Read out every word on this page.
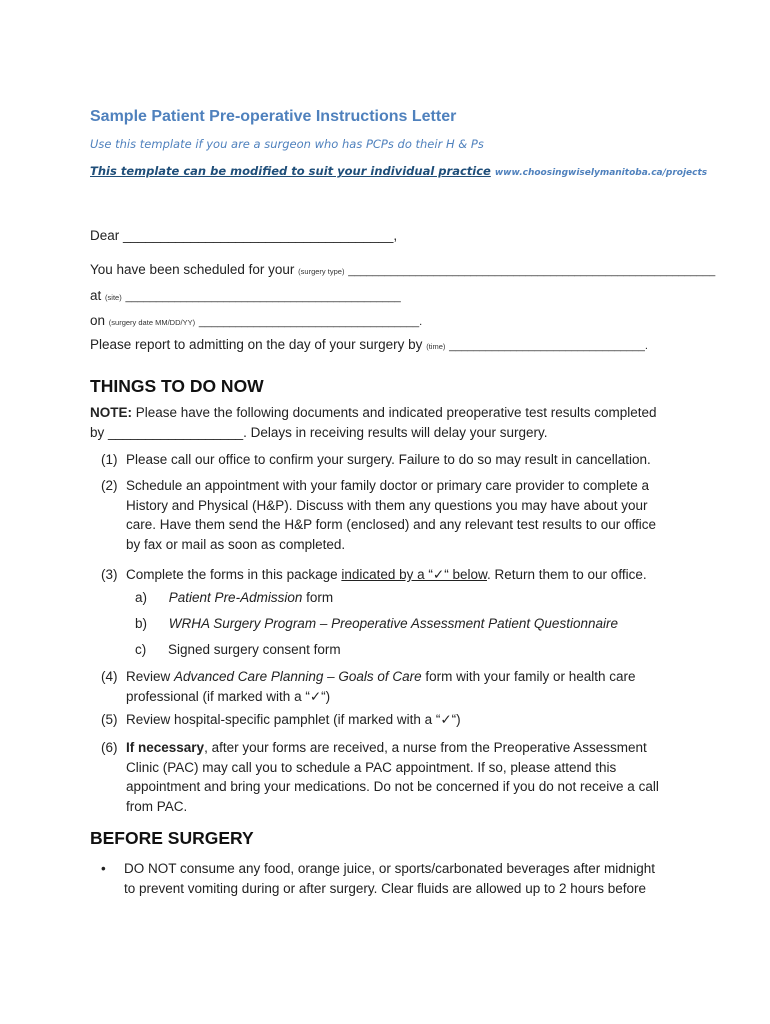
Sample Patient Pre-operative Instructions Letter
Use this template if you are a surgeon who has PCPs do their H & Ps
This template can be modified to suit your individual practice www.choosingwiselymanitoba.ca/projects
Dear ____________________________________,
You have been scheduled for your (surgery type) ____________________________________________________________
at (site) _____________________________________________
on (surgery date MM/DD/YY) ____________________________________.
Please report to admitting on the day of your surgery by (time) ________________________________.
THINGS TO DO NOW
NOTE: Please have the following documents and indicated preoperative test results completed
by __________________. Delays in receiving results will delay your surgery.
(1) Please call our office to confirm your surgery. Failure to do so may result in cancellation.
(2) Schedule an appointment with your family doctor or primary care provider to complete a History and Physical (H&P). Discuss with them any questions you may have about your care. Have them send the H&P form (enclosed) and any relevant test results to our office by fax or mail as soon as completed.
(3) Complete the forms in this package indicated by a “✓“ below. Return them to our office.
a) Patient Pre-Admission form
b) WRHA Surgery Program – Preoperative Assessment Patient Questionnaire
c) Signed surgery consent form
(4) Review Advanced Care Planning – Goals of Care form with your family or health care
professional (if marked with a “✓“)
(5) Review hospital-specific pamphlet (if marked with a “✓“)
(6) If necessary, after your forms are received, a nurse from the Preoperative Assessment Clinic (PAC) may call you to schedule a PAC appointment. If so, please attend this appointment and bring your medications. Do not be concerned if you do not receive a call from PAC.
BEFORE SURGERY
• DO NOT consume any food, orange juice, or sports/carbonated beverages after midnight
to prevent vomiting during or after surgery. Clear fluids are allowed up to 2 hours before
